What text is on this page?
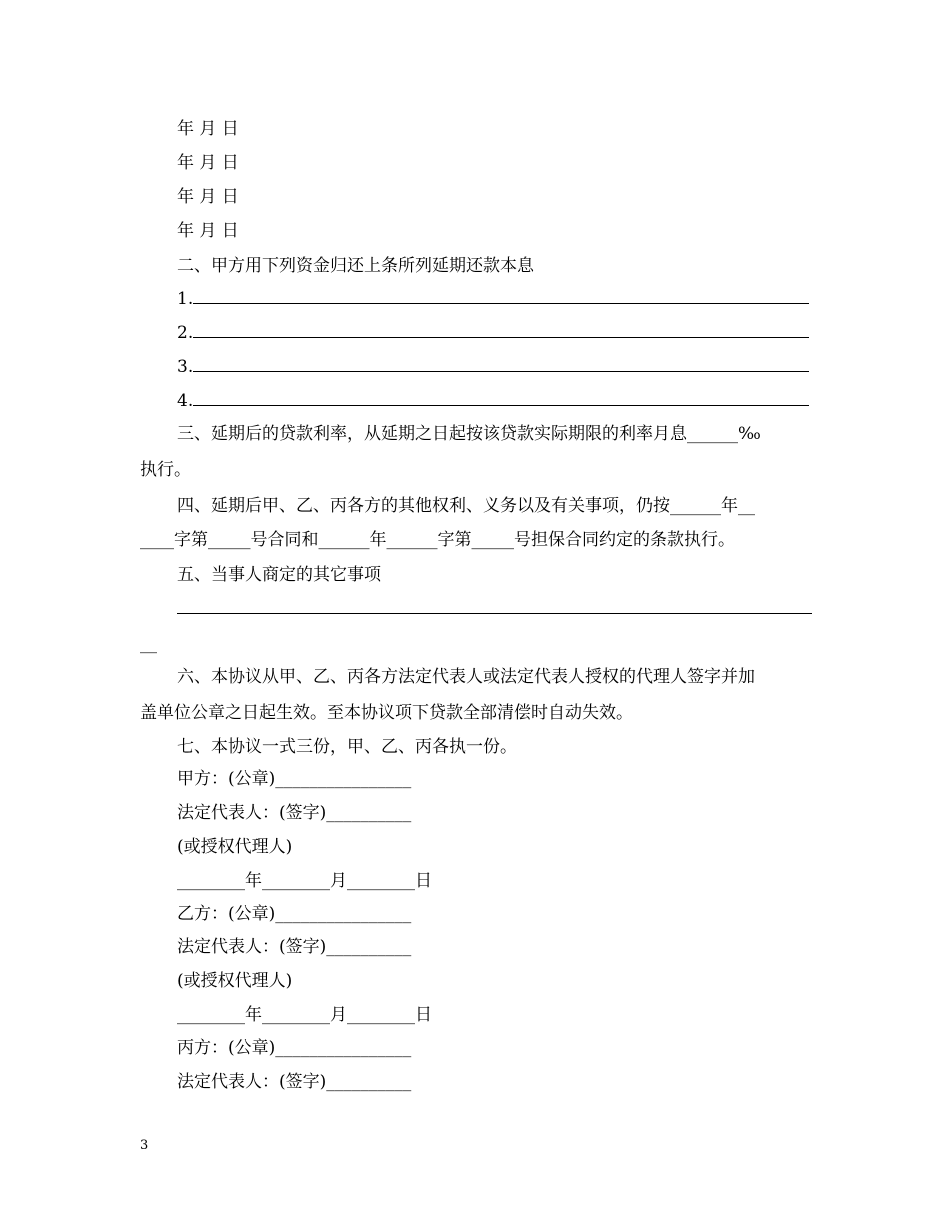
年 月 日
年 月 日
年 月 日
年 月 日
二、甲方用下列资金归还上条所列延期还款本息
1.
2.
3.
4.
三、延期后的贷款利率，从延期之日起按该贷款实际期限的利率月息______‰
执行。
四、延期后甲、乙、丙各方的其他权利、义务以及有关事项，仍按______年__
____字第_____号合同和______年______字第_____号担保合同约定的条款执行。
五、当事人商定的其它事项
__
六、本协议从甲、乙、丙各方法定代表人或法定代表人授权的代理人签字并加
盖单位公章之日起生效。至本协议项下贷款全部清偿时自动失效。
七、本协议一式三份，甲、乙、丙各执一份。
甲方：(公章)________________
法定代表人：(签字)__________
(或授权代理人)
________年________月________日
乙方：(公章)________________
法定代表人：(签字)__________
(或授权代理人)
________年________月________日
丙方：(公章)________________
法定代表人：(签字)__________
3
